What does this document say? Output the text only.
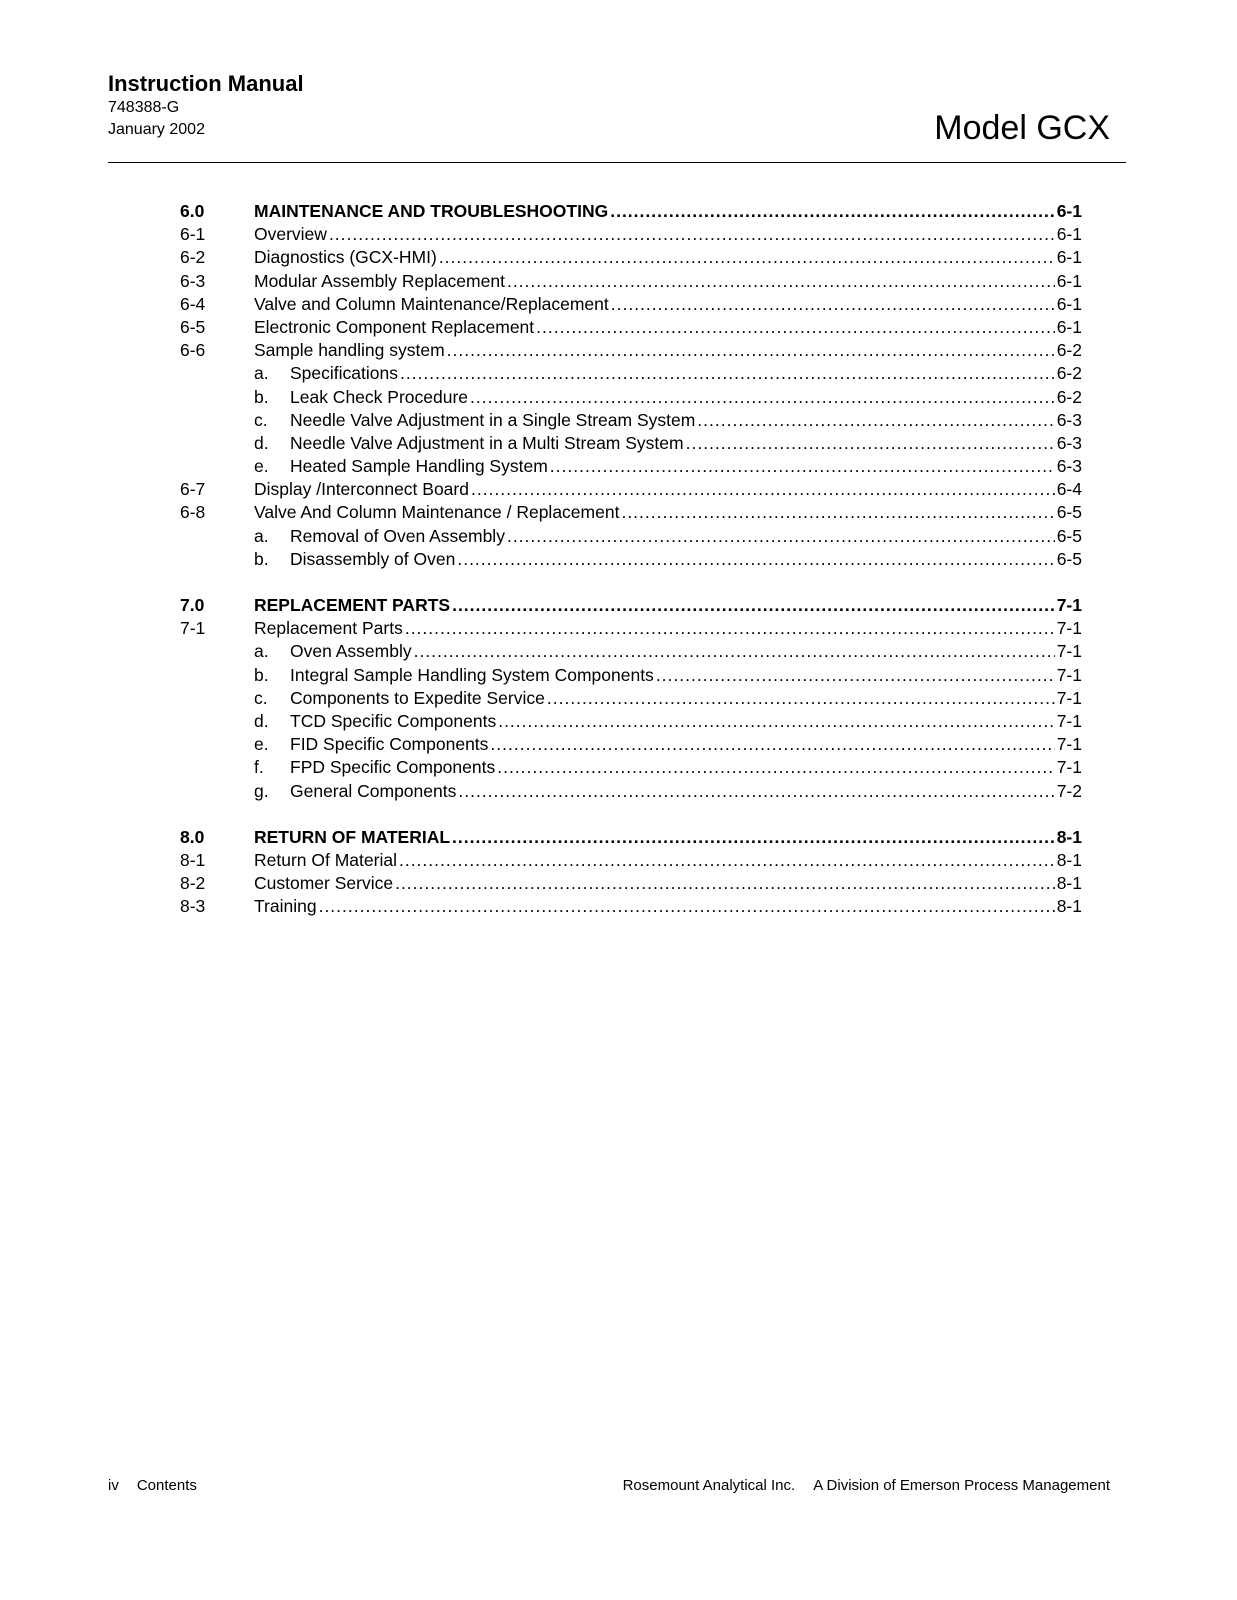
Instruction Manual
748388-G
January 2002	Model GCX
6.0	MAINTENANCE AND TROUBLESHOOTING .....	6-1
6-1	Overview .....	6-1
6-2	Diagnostics (GCX-HMI) .....	6-1
6-3	Modular Assembly Replacement .....	6-1
6-4	Valve and Column Maintenance/Replacement .....	6-1
6-5	Electronic Component Replacement .....	6-1
6-6	Sample handling system .....	6-2
a.	Specifications .....	6-2
b.	Leak Check Procedure .....	6-2
c.	Needle Valve Adjustment in a Single Stream System .....	6-3
d.	Needle Valve Adjustment in a Multi Stream System .....	6-3
e.	Heated Sample Handling System .....	6-3
6-7	Display /Interconnect Board .....	6-4
6-8	Valve And Column Maintenance / Replacement .....	6-5
a.	Removal of Oven Assembly .....	6-5
b.	Disassembly of Oven .....	6-5
7.0	REPLACEMENT PARTS .....	7-1
7-1	Replacement Parts .....	7-1
a.	Oven Assembly .....	7-1
b.	Integral Sample Handling System Components .....	7-1
c.	Components to Expedite Service .....	7-1
d.	TCD Specific Components .....	7-1
e.	FID Specific Components .....	7-1
f.	FPD Specific Components .....	7-1
g.	General Components .....	7-2
8.0	RETURN OF MATERIAL .....	8-1
8-1	Return Of Material .....	8-1
8-2	Customer Service .....	8-1
8-3	Training .....	8-1
iv Contents	Rosemount Analytical Inc. A Division of Emerson Process Management
